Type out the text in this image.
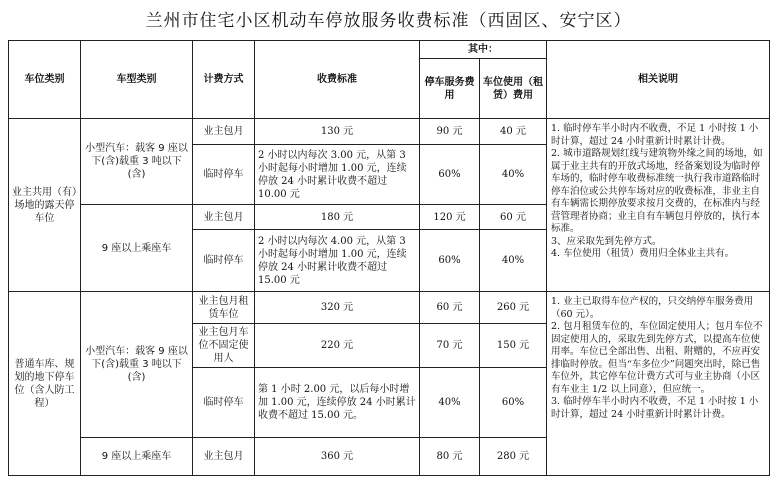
兰州市住宅小区机动车停放服务收费标准（西固区、安宁区）
车位类别	车型类别	计费方式	收费标准	其中：		相关说明
				停车服务费用	车位使用（租赁）费用	
业主共用（有）场地的露天停车位	小型汽车：载客 9 座以下(含)载重 3 吨以下(含)	业主包月	130 元	90 元	40 元	1. 临时停车半小时内不收费，不足 1 小时按 1 小时计算，超过 24 小时重新计时累计计费。
2. 城市道路规划红线与建筑物外缘之间的场地，如属于业主共有的开放式场地，经备案划设为临时停车场的，临时停车收费标准统一执行我市道路临时停车泊位或公共停车场对应的收费标准，非业主自有车辆需长期停放要求按月交费的，在标准内与经营管理者协商；业主自有车辆包月停放的，执行本标准。
3、应采取先到先停方式。
4. 车位使用（租赁）费用归全体业主共有。

		临时停车	2 小时以内每次 3.00 元，从第 3 小时起每小时增加 1.00 元，连续停放 24 小时累计收费不超过 10.00 元	60%	40%	
	9 座以上乘座车	业主包月	180 元	120 元	60 元	
		临时停车	2 小时以内每次 4.00 元，从第 3 小时起每小时增加 1.00 元，连续停放 24 小时累计收费不超过 15.00 元	60%	40%	
普通车库、规划的地下停车位（含人防工程）	小型汽车：载客 9 座以下(含)载重 3 吨以下(含)	业主包月租赁车位	320 元	60 元	260 元	1. 业主已取得车位产权的，只交纳停车服务费用（60 元）。
2. 包月租赁车位的，车位固定使用人；包月车位不固定使用人的，采取先到先停方式，以提高车位使用率。车位已全部出售、出租、附赠的，不应再安排临时停放。但当“车多位少”问题突出时，除已售车位外，其它停车位计费方式可与业主协商（小区有车业主 1/2 以上同意），但应统一。
3. 临时停车半小时内不收费，不足 1 小时按 1 小时计算，超过 24 小时重新计时累计计费。

		业主包月车位不固定使用人	220 元	70 元	150 元	
		临时停车	第 1 小时 2.00 元，以后每小时增加 1.00 元，连续停放 24 小时累计收费不超过 15.00 元。	40%	60%	
	9 座以上乘座车	业主包月	360 元	80 元	280 元	
